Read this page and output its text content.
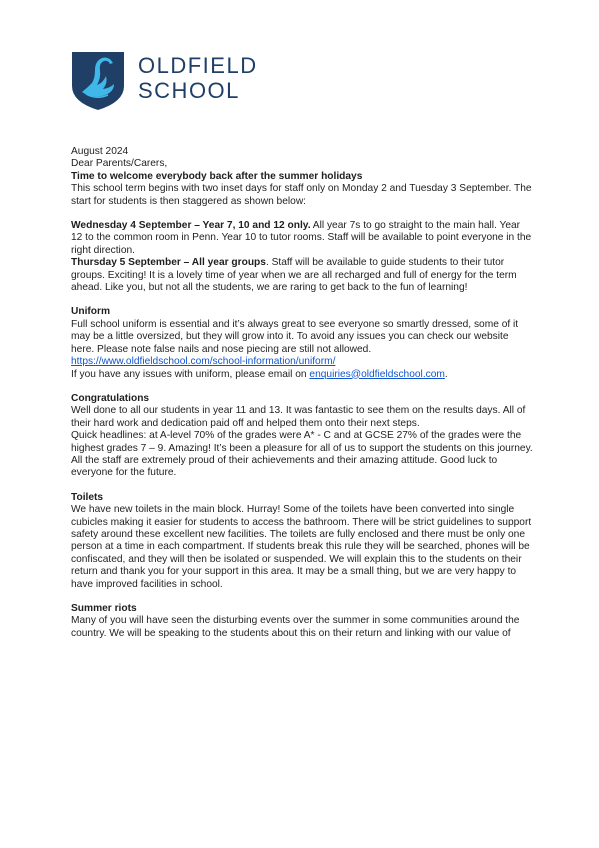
OLDFIELD
SCHOOL

August 2024

Dear Parents/Carers,

Time to welcome everybody back after the summer holidays

This school term begins with two inset days for staff only on Monday 2 and Tuesday 3 September. The start for students is then staggered as shown below:

Wednesday 4 September – Year 7, 10 and 12 only. All year 7s to go straight to the main hall. Year 12 to the common room in Penn. Year 10 to tutor rooms. Staff will be available to point everyone in the right direction.

Thursday 5 September – All year groups. Staff will be available to guide students to their tutor groups. Exciting! It is a lovely time of year when we are all recharged and full of energy for the term ahead. Like you, but not all the students, we are raring to get back to the fun of learning!

Uniform

Full school uniform is essential and it’s always great to see everyone so smartly dressed, some of it may be a little oversized, but they will grow into it. To avoid any issues you can check our website here. Please note false nails and nose piecing are still not allowed.

https://www.oldfieldschool.com/school-information/uniform/

If you have any issues with uniform, please email on enquiries@oldfieldschool.com.

Congratulations

Well done to all our students in year 11 and 13. It was fantastic to see them on the results days. All of their hard work and dedication paid off and helped them onto their next steps.

Quick headlines: at A-level 70% of the grades were A* - C and at GCSE 27% of the grades were the highest grades 7 – 9. Amazing! It’s been a pleasure for all of us to support the students on this journey. All the staff are extremely proud of their achievements and their amazing attitude. Good luck to everyone for the future.

Toilets

We have new toilets in the main block. Hurray! Some of the toilets have been converted into single cubicles making it easier for students to access the bathroom. There will be strict guidelines to support safety around these excellent new facilities. The toilets are fully enclosed and there must be only one person at a time in each compartment. If students break this rule they will be searched, phones will be confiscated, and they will then be isolated or suspended. We will explain this to the students on their return and thank you for your support in this area. It may be a small thing, but we are very happy to have improved facilities in school.

Summer riots

Many of you will have seen the disturbing events over the summer in some communities around the country. We will be speaking to the students about this on their return and linking with our value of
